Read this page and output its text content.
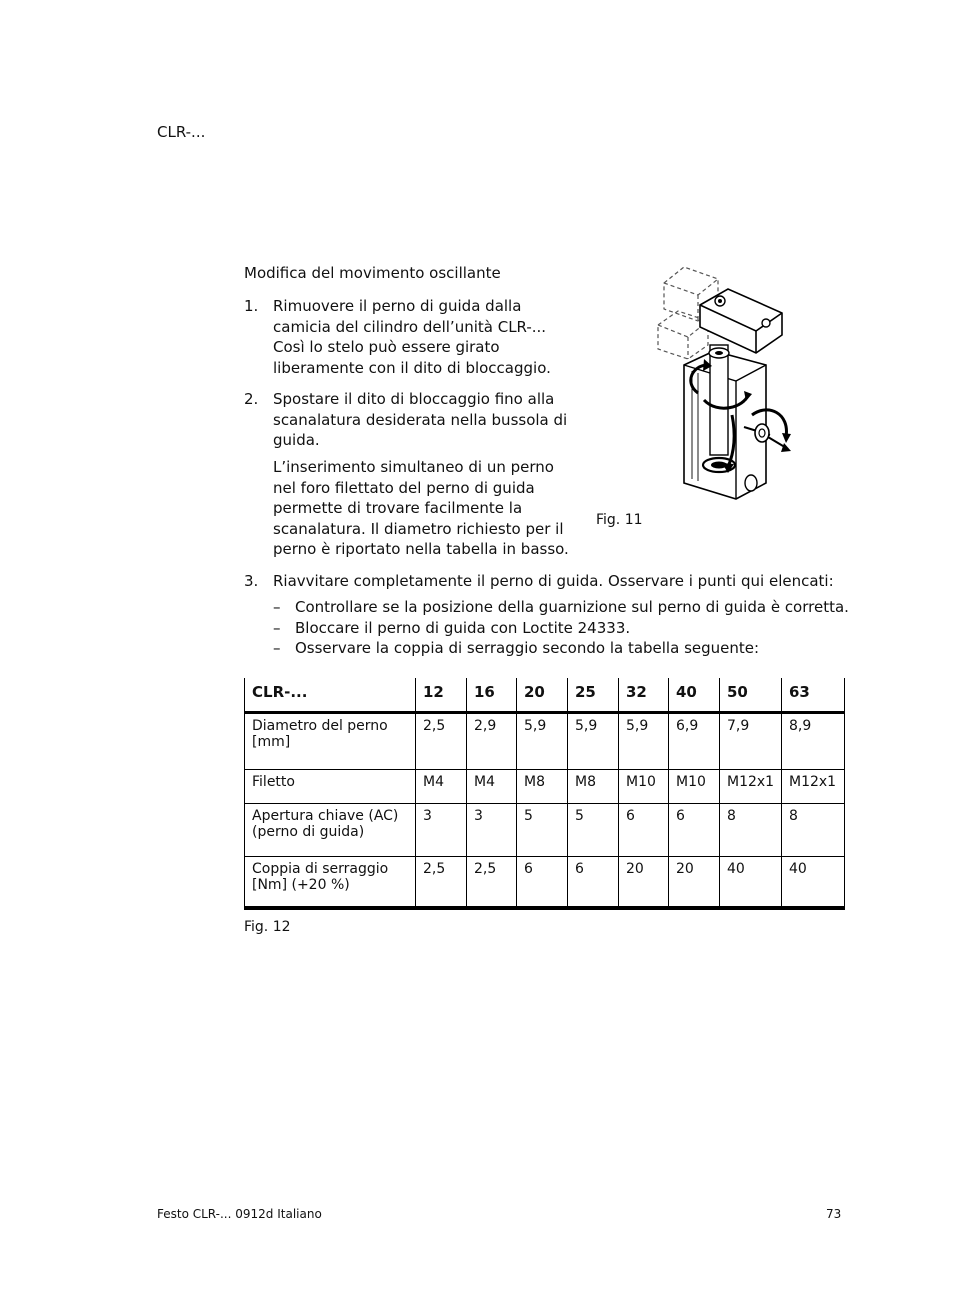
CLR-...
Modifica del movimento oscillante
1. Rimuovere il perno di guida dalla camicia del cilindro dell’unità CLR-... Così lo stelo può essere girato liberamente con il dito di bloccaggio.
2. Spostare il dito di bloccaggio fino alla scanalatura desiderata nella bussola di guida.
L’inserimento simultaneo di un perno nel foro filettato del perno di guida permette di trovare facilmente la scanalatura. Il diametro richiesto per il perno è riportato nella tabella in basso.
3. Riavvitare completamente il perno di guida. Osservare i punti qui elencati:
– Controllare se la posizione della guarnizione sul perno di guida è corretta.
– Bloccare il perno di guida con Loctite 24333.
– Osservare la coppia di serraggio secondo la tabella seguente:
Fig. 11
CLR-...	12	16	20	25	32	40	50	63
Diametro del perno [mm]	2,5	2,9	5,9	5,9	5,9	6,9	7,9	8,9
Filetto	M4	M4	M8	M8	M10	M10	M12x1	M12x1
Apertura chiave (AC) (perno di guida)	3	3	5	5	6	6	8	8
Coppia di serraggio [Nm] (+20 %)	2,5	2,5	6	6	20	20	40	40
Fig. 12
Festo CLR-... 0912d Italiano	73
